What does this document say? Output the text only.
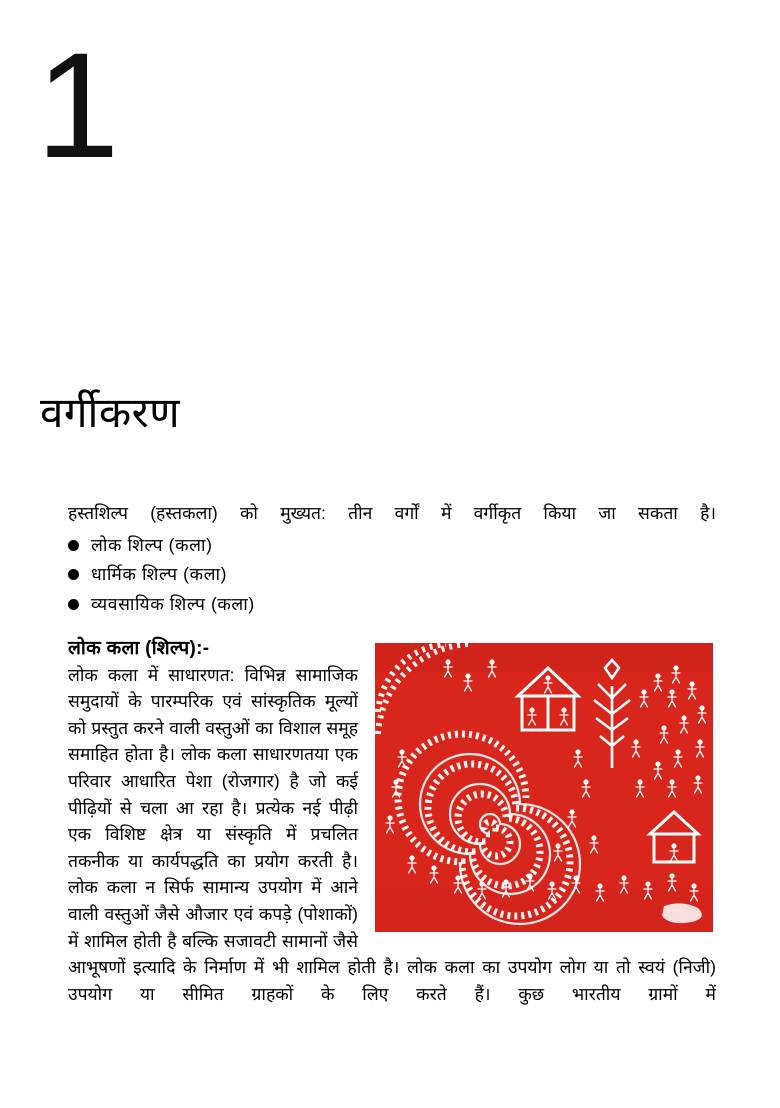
1
वर्गीकरण

हस्तशिल्प (हस्तकला) को मुख्यत: तीन वर्गों में वर्गीकृत किया जा सकता है।

लोक शिल्प (कला)
धार्मिक शिल्प (कला)
व्यवसायिक शिल्प (कला)
लोक कला (शिल्प):-

लोक कला में साधारणत: विभिन्न सामाजिक समुदायों के पारम्परिक एवं सांस्कृतिक मूल्यों को प्रस्तुत करने वाली वस्तुओं का विशाल समूह समाहित होता है। लोक कला साधारणतया एक परिवार आधारित पेशा (रोजगार) है जो कई पीढ़ियों से चला आ रहा है। प्रत्येक नई पीढ़ी एक विशिष्ट क्षेत्र या संस्कृति में प्रचलित तकनीक या कार्यपद्धति का प्रयोग करती है। लोक कला न सिर्फ सामान्य उपयोग में आने वाली वस्तुओं जैसे औजार एवं कपड़े (पोशाकों) में शामिल होती है बल्कि सजावटी सामानों जैसे आभूषणों इत्यादि के निर्माण में भी शामिल होती है। लोक कला का उपयोग लोग या तो स्वयं (निजी) उपयोग या सीमित ग्राहकों के लिए करते हैं। कुछ भारतीय ग्रामों में
